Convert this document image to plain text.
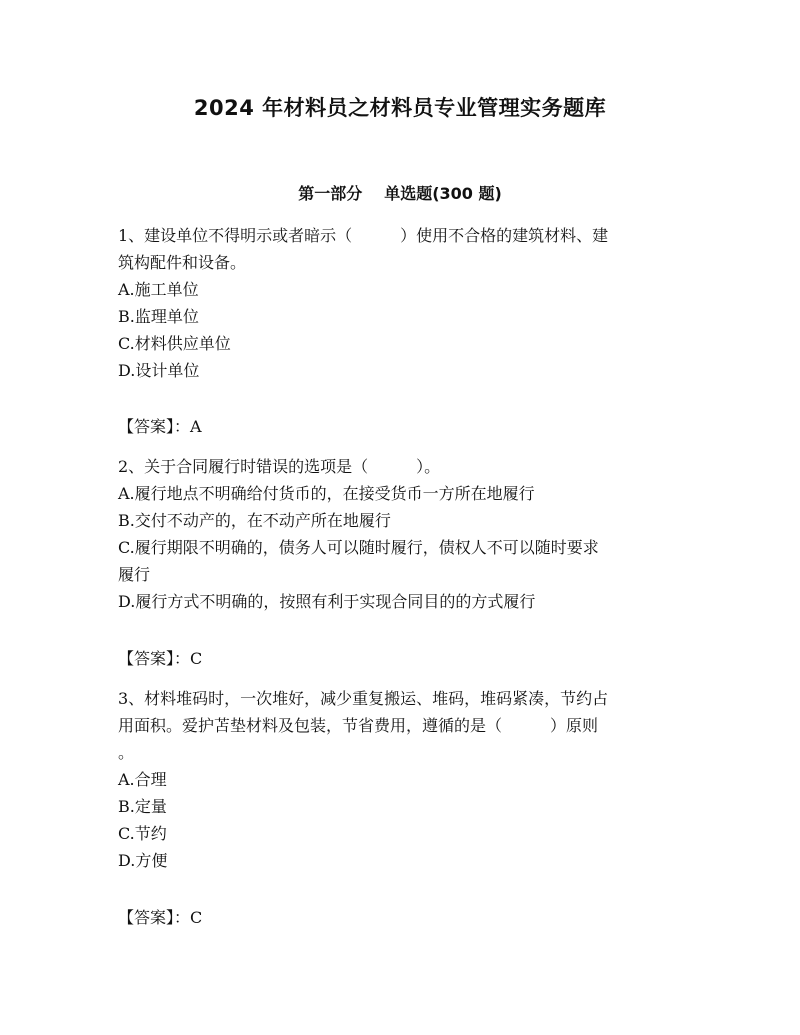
2024 年材料员之材料员专业管理实务题库
第一部分 单选题(300 题)
1、建设单位不得明示或者暗示（　　　）使用不合格的建筑材料、建
筑构配件和设备。
A.施工单位
B.监理单位
C.材料供应单位
D.设计单位
【答案】：A
2、关于合同履行时错误的选项是（　　　）。
A.履行地点不明确给付货币的，在接受货币一方所在地履行
B.交付不动产的，在不动产所在地履行
C.履行期限不明确的，债务人可以随时履行，债权人不可以随时要求
履行
D.履行方式不明确的，按照有利于实现合同目的的方式履行
【答案】：C
3、材料堆码时，一次堆好，减少重复搬运、堆码，堆码紧凑，节约占
用面积。爱护苫垫材料及包装，节省费用，遵循的是（　　　）原则
。
A.合理
B.定量
C.节约
D.方便
【答案】：C
